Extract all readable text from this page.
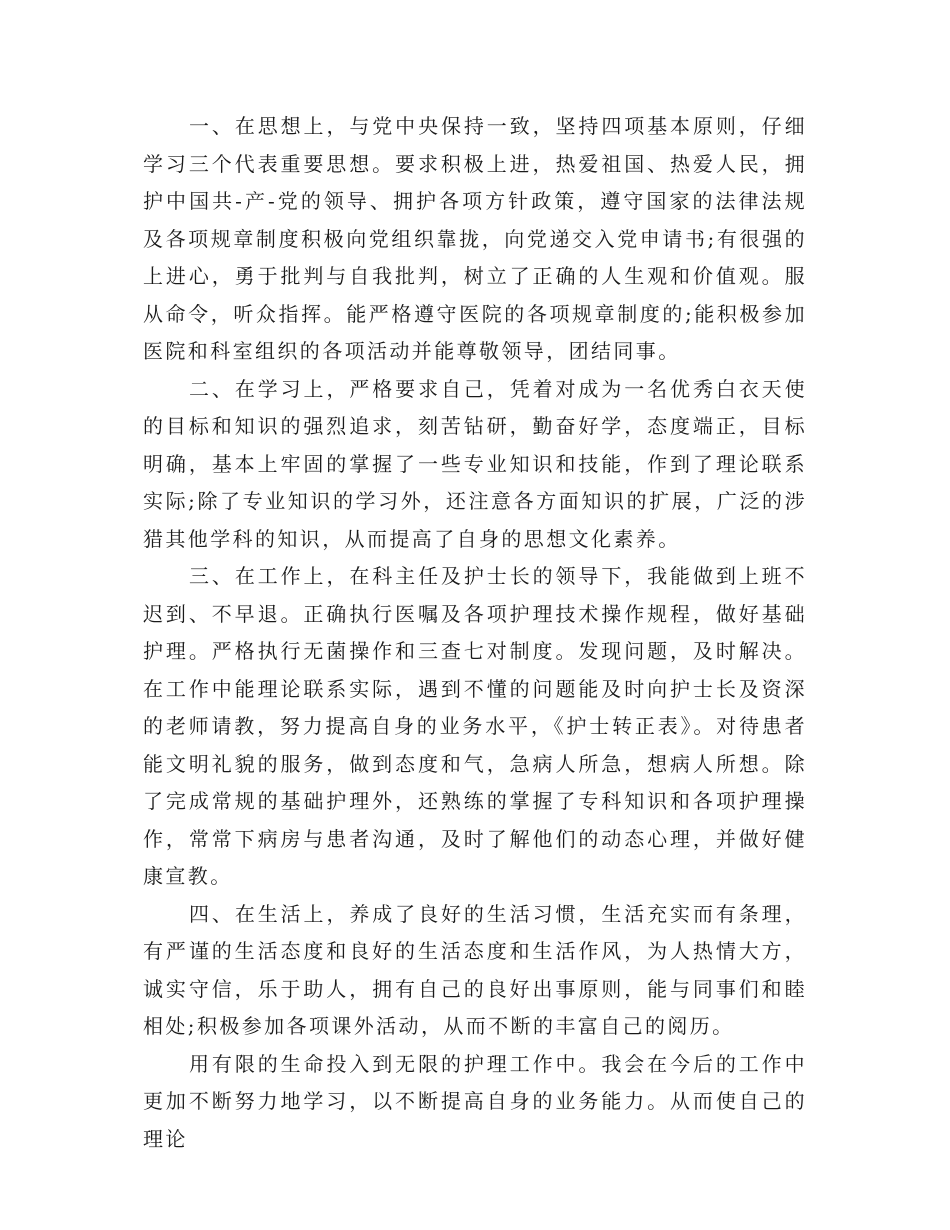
一、在思想上，与党中央保持一致，坚持四项基本原则，仔细学习三个代表重要思想。要求积极上进，热爱祖国、热爱人民，拥护中国共-产-党的领导、拥护各项方针政策，遵守国家的法律法规及各项规章制度积极向党组织靠拢，向党递交入党申请书;有很强的上进心，勇于批判与自我批判，树立了正确的人生观和价值观。服从命令，听众指挥。能严格遵守医院的各项规章制度的;能积极参加医院和科室组织的各项活动并能尊敬领导，团结同事。

二、在学习上，严格要求自己，凭着对成为一名优秀白衣天使的目标和知识的强烈追求，刻苦钻研，勤奋好学，态度端正，目标明确，基本上牢固的掌握了一些专业知识和技能，作到了理论联系实际;除了专业知识的学习外，还注意各方面知识的扩展，广泛的涉猎其他学科的知识，从而提高了自身的思想文化素养。

三、在工作上，在科主任及护士长的领导下，我能做到上班不迟到、不早退。正确执行医嘱及各项护理技术操作规程，做好基础护理。严格执行无菌操作和三查七对制度。发现问题，及时解决。在工作中能理论联系实际，遇到不懂的问题能及时向护士长及资深的老师请教，努力提高自身的业务水平，《护士转正表》。对待患者能文明礼貌的服务，做到态度和气，急病人所急，想病人所想。除了完成常规的基础护理外，还熟练的掌握了专科知识和各项护理操作，常常下病房与患者沟通，及时了解他们的动态心理，并做好健康宣教。

四、在生活上，养成了良好的生活习惯，生活充实而有条理，有严谨的生活态度和良好的生活态度和生活作风，为人热情大方，诚实守信，乐于助人，拥有自己的良好出事原则，能与同事们和睦相处;积极参加各项课外活动，从而不断的丰富自己的阅历。

用有限的生命投入到无限的护理工作中。我会在今后的工作中更加不断努力地学习，以不断提高自身的业务能力。从而使自己的理论
